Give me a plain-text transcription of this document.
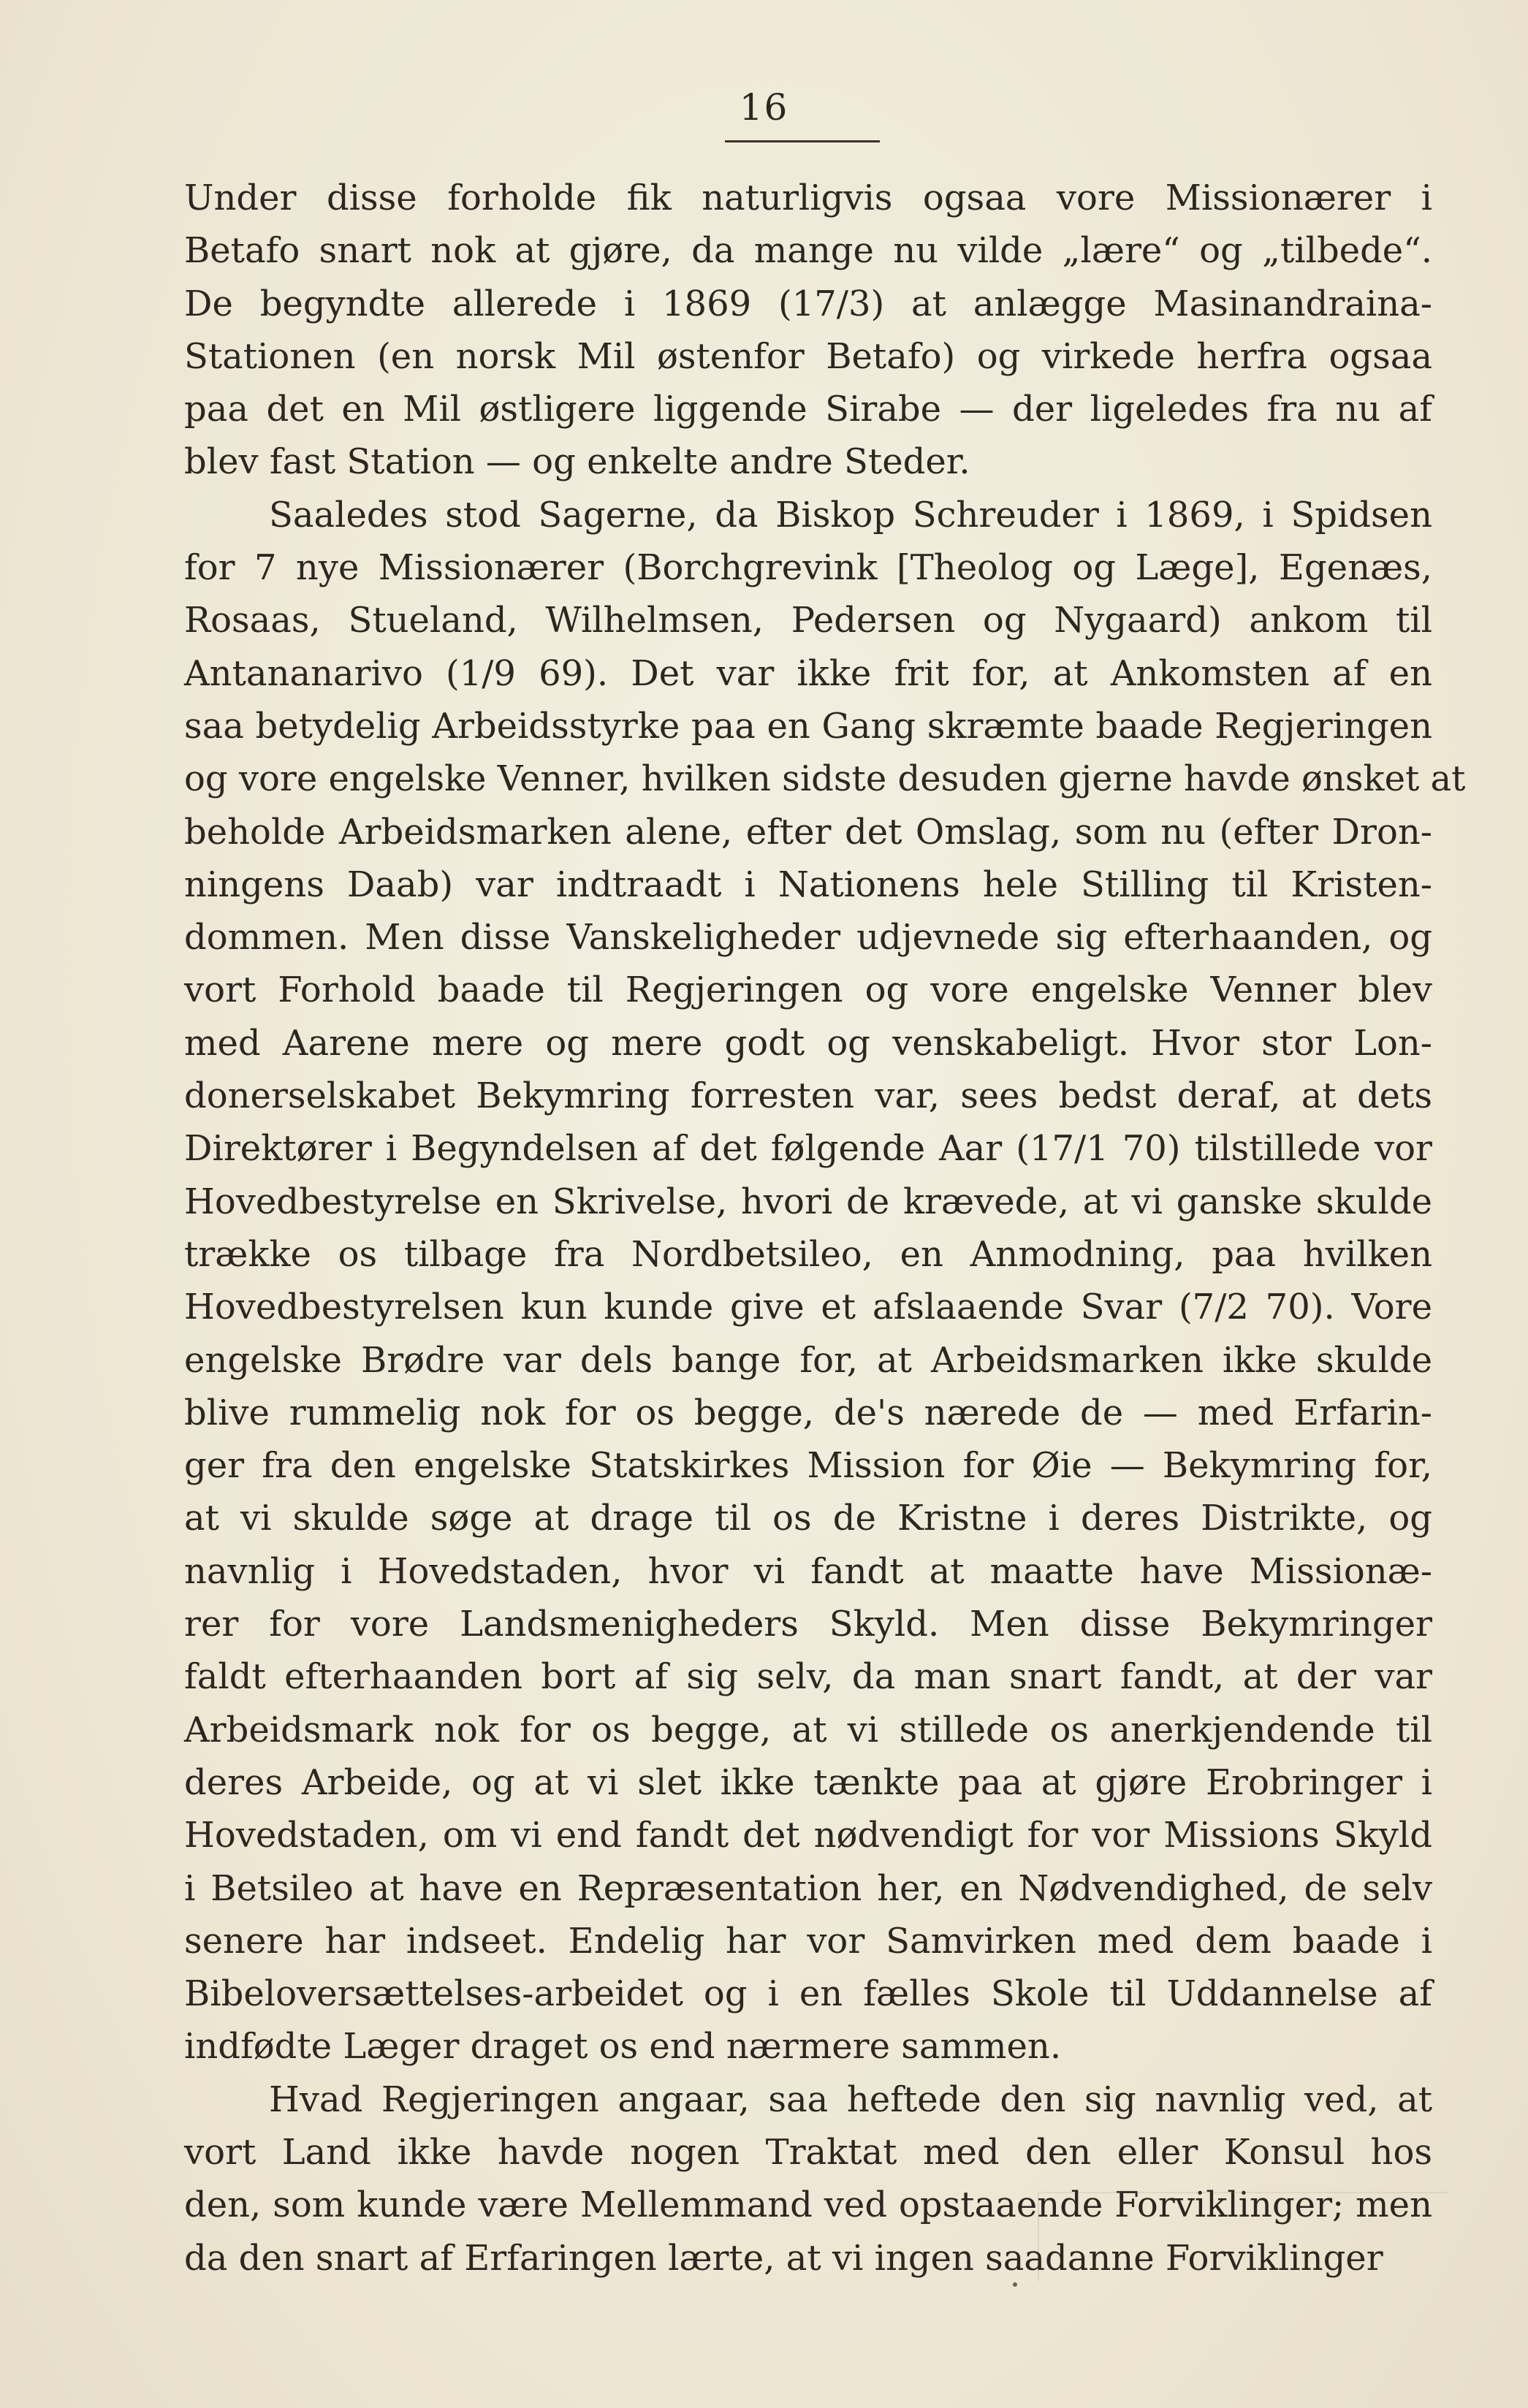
16
Under disse forholde fik naturligvis ogsaa vore Missionærer i
Betafo snart nok at gjøre, da mange nu vilde „lære“ og „tilbede“.
De begyndte allerede i 1869 (17/3) at anlægge Masinandraina-
Stationen (en norsk Mil østenfor Betafo) og virkede herfra ogsaa
paa det en Mil østligere liggende Sirabe — der ligeledes fra nu af
blev fast Station — og enkelte andre Steder.
Saaledes stod Sagerne, da Biskop Schreuder i 1869, i Spidsen
for 7 nye Missionærer (Borchgrevink [Theolog og Læge], Egenæs,
Rosaas, Stueland, Wilhelmsen, Pedersen og Nygaard) ankom til
Antananarivo (1/9 69). Det var ikke frit for, at Ankomsten af en
saa betydelig Arbeidsstyrke paa en Gang skræmte baade Regjeringen
og vore engelske Venner, hvilken sidste desuden gjerne havde ønsket at
beholde Arbeidsmarken alene, efter det Omslag, som nu (efter Dron-
ningens Daab) var indtraadt i Nationens hele Stilling til Kristen-
dommen. Men disse Vanskeligheder udjevnede sig efterhaanden, og
vort Forhold baade til Regjeringen og vore engelske Venner blev
med Aarene mere og mere godt og venskabeligt. Hvor stor Lon-
donerselskabet Bekymring forresten var, sees bedst deraf, at dets
Direktører i Begyndelsen af det følgende Aar (17/1 70) tilstillede vor
Hovedbestyrelse en Skrivelse, hvori de krævede, at vi ganske skulde
trække os tilbage fra Nordbetsileo, en Anmodning, paa hvilken
Hovedbestyrelsen kun kunde give et afslaaende Svar (7/2 70). Vore
engelske Brødre var dels bange for, at Arbeidsmarken ikke skulde
blive rummelig nok for os begge, de's nærede de — med Erfarin-
ger fra den engelske Statskirkes Mission for Øie — Bekymring for,
at vi skulde søge at drage til os de Kristne i deres Distrikte, og
navnlig i Hovedstaden, hvor vi fandt at maatte have Missionæ-
rer for vore Landsmenigheders Skyld. Men disse Bekymringer
faldt efterhaanden bort af sig selv, da man snart fandt, at der var
Arbeidsmark nok for os begge, at vi stillede os anerkjendende til
deres Arbeide, og at vi slet ikke tænkte paa at gjøre Erobringer i
Hovedstaden, om vi end fandt det nødvendigt for vor Missions Skyld
i Betsileo at have en Repræsentation her, en Nødvendighed, de selv
senere har indseet. Endelig har vor Samvirken med dem baade i
Bibeloversættelses-arbeidet og i en fælles Skole til Uddannelse af
indfødte Læger draget os end nærmere sammen.
Hvad Regjeringen angaar, saa heftede den sig navnlig ved, at
vort Land ikke havde nogen Traktat med den eller Konsul hos
den, som kunde være Mellemmand ved opstaaende Forviklinger; men
da den snart af Erfaringen lærte, at vi ingen saadanne Forviklinger
